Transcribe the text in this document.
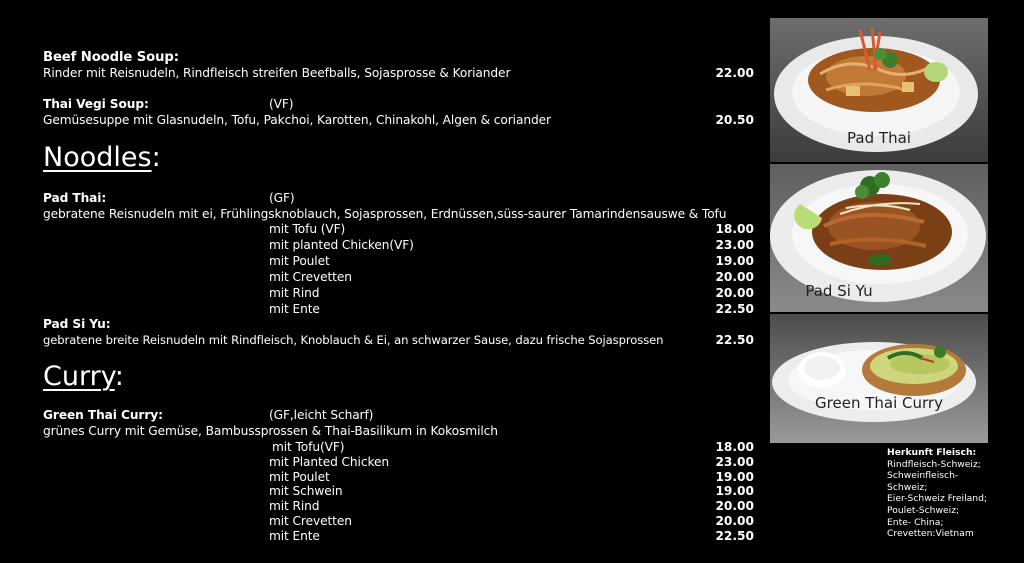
Beef Noodle Soup:
Rinder mit Reisnudeln, Rindfleisch streifen Beefballs, Sojasprosse & Koriander	22.00
Thai Vegi Soup:	(VF)
Gemüsesuppe mit Glasnudeln, Tofu, Pakchoi, Karotten, Chinakohl, Algen & coriander	20.50
Noodles:
Pad Thai:	(GF)
gebratene Reisnudeln mit ei, Frühlingsknoblauch, Sojasprossen, Erdnüssen,süss-saurer Tamarindensauswe & Tofu
mit Tofu (VF)	18.00
mit planted Chicken(VF)	23.00
mit Poulet	19.00
mit Crevetten	20.00
mit Rind	20.00
mit Ente	22.50
Pad Si Yu:
gebratene breite Reisnudeln mit Rindfleisch, Knoblauch & Ei, an schwarzer Sause, dazu frische Sojasprossen	22.50
Curry:
Green Thai Curry:	(GF,leicht Scharf)
grünes Curry mit Gemüse, Bambussprossen & Thai-Basilikum in Kokosmilch
mit Tofu(VF)	18.00
mit Planted Chicken	23.00
mit Poulet	19.00
mit Schwein	19.00
mit Rind	20.00
mit Crevetten	20.00
mit Ente	22.50
Pad Thai
Pad Si Yu
Green Thai Curry
Herkunft Fleisch:
Rindfleisch-Schweiz;
Schweinfleisch-
Schweiz;
Eier-Schweiz Freiland;
Poulet-Schweiz;
Ente- China;
Crevetten:Vietnam
